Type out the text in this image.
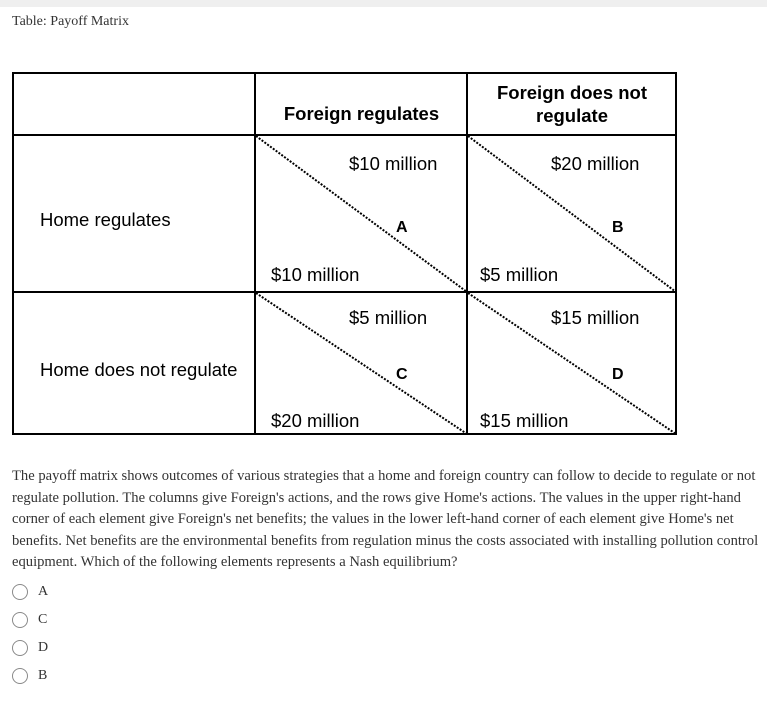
Table: Payoff Matrix
Foreign regulates
Foreign does not regulate
Home regulates
Home does not regulate
$10 million
A
$10 million
$20 million
B
$5 million
$5 million
C
$20 million
$15 million
D
$15 million
The payoff matrix shows outcomes of various strategies that a home and foreign country can follow to decide to regulate or not regulate pollution. The columns give Foreign's actions, and the rows give Home's actions. The values in the upper right-hand corner of each element give Foreign's net benefits; the values in the lower left-hand corner of each element give Home's net benefits. Net benefits are the environmental benefits from regulation minus the costs associated with installing pollution control equipment. Which of the following elements represents a Nash equilibrium?
A
C
D
B
